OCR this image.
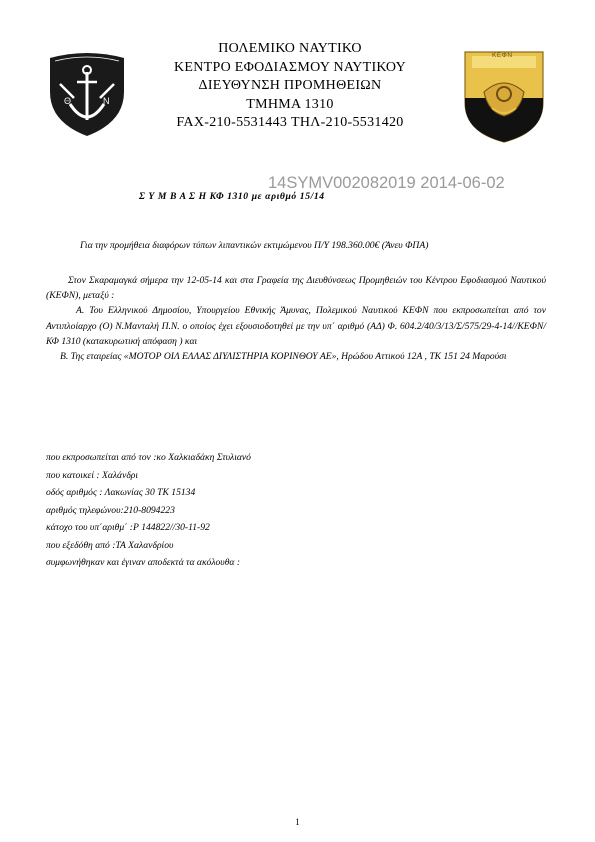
Θ	Ν
ΚΕΦΝ
ΠΟΛΕΜΙΚΟ ΝΑΥΤΙΚΟ
ΚΕΝΤΡΟ ΕΦΟΔΙΑΣΜΟΥ ΝΑΥΤΙΚΟΥ
ΔΙΕΥΘΥΝΣΗ ΠΡΟΜΗΘΕΙΩΝ
ΤΜΗΜΑ 1310
FAX-210-5531443 ΤΗΛ-210-5531420
14SYMV002082019 2014-06-02
Σ Υ Μ Β Α Σ Η ΚΦ 1310 με αριθμό 15/14
Για την προμήθεια διαφόρων τύπων λιπαντικών εκτιμώμενου Π/Υ 198.360.00€ (Άνευ ΦΠΑ)

Στον Σκαραμαγκά σήμερα την 12-05-14 και στα Γραφεία της Διευθύνσεως Προμηθειών του Κέντρου Εφοδιασμού Ναυτικού (ΚΕΦΝ), μεταξύ :

Α. Του Ελληνικού Δημοσίου, Υπουργείου Εθνικής Άμυνας, Πολεμικού Ναυτικού ΚΕΦΝ που εκπροσωπείται από τον Αντιπλοίαρχο (Ο) Ν.Μανταλή Π.Ν. ο οποίος έχει εξουσιοδοτηθεί με την υπ΄ αριθμό (ΑΔ) Φ. 604.2/40/3/13/Σ/575/29-4-14//ΚΕΦΝ/ ΚΦ 1310 (κατακυρωτική απόφαση ) και

Β. Της εταιρείας «ΜΟΤΟΡ ΟΙΛ ΕΛΛΑΣ ΔΙΥΛΙΣΤΗΡΙΑ ΚΟΡΙΝΘΟΥ ΑΕ», Ηρώδου Αττικού 12Α , ΤΚ 151 24 Μαρούσι

που εκπροσωπείται από τον :κο Χαλκιαδάκη Στυλιανό
που κατοικεί : Χαλάνδρι
οδός αριθμός : Λακωνίας 30 ΤΚ 15134
αριθμός τηλεφώνου:210-8094223
κάτοχο του υπ΄αριθμ΄ :Ρ 144822//30-11-92
που εξεδόθη από :ΤΑ Χαλανδρίου
συμφωνήθηκαν και έγιναν αποδεκτά τα ακόλουθα :
1
